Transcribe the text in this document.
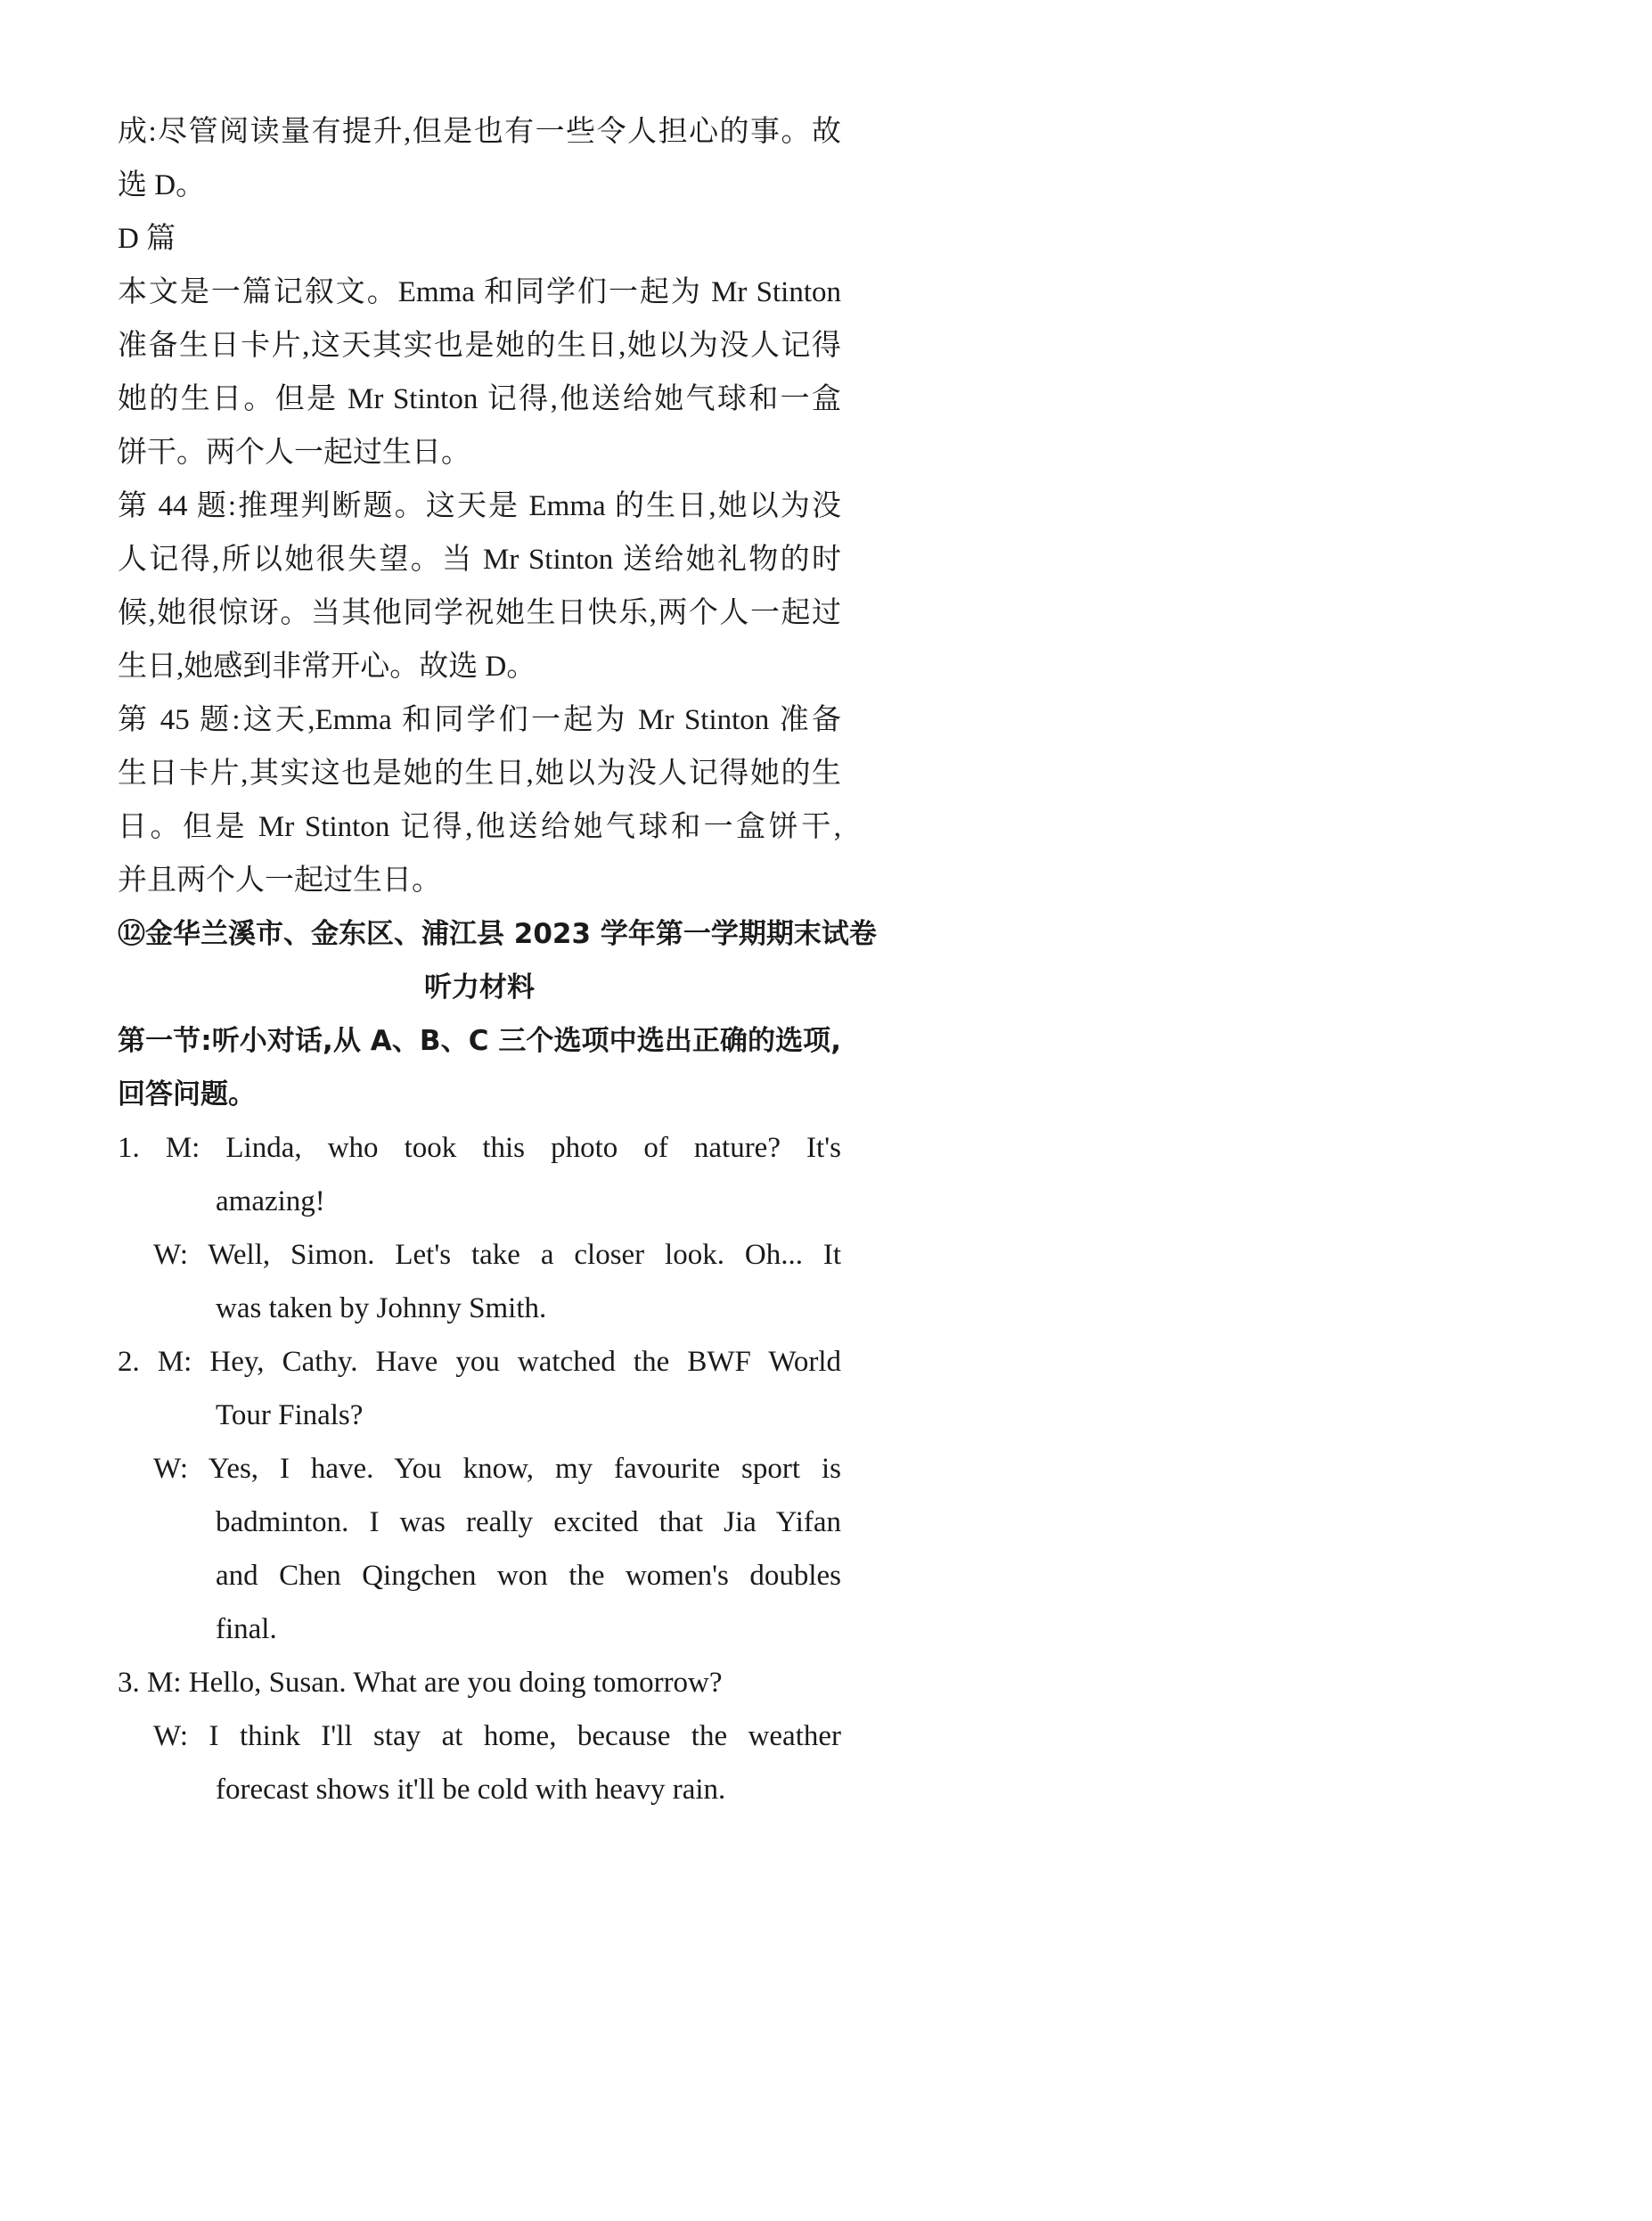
成:尽管阅读量有提升,但是也有一些令人担心的事。故
选 D。
D 篇
本文是一篇记叙文。Emma 和同学们一起为 Mr Stinton
准备生日卡片,这天其实也是她的生日,她以为没人记得
她的生日。但是 Mr Stinton 记得,他送给她气球和一盒
饼干。两个人一起过生日。
第 44 题:推理判断题。这天是 Emma 的生日,她以为没
人记得,所以她很失望。当 Mr Stinton 送给她礼物的时
候,她很惊讶。当其他同学祝她生日快乐,两个人一起过
生日,她感到非常开心。故选 D。
第 45 题:这天,Emma 和同学们一起为 Mr Stinton 准备
生日卡片,其实这也是她的生日,她以为没人记得她的生
日。但是 Mr Stinton 记得,他送给她气球和一盒饼干,
并且两个人一起过生日。
⑫金华兰溪市、金东区、浦江县 2023 学年第一学期期末试卷
听力材料
第一节:听小对话,从 A、B、C 三个选项中选出正确的选项,
回答问题。
1. M: Linda, who took this photo of nature? It's
amazing!
W: Well, Simon. Let's take a closer look. Oh... It
was taken by Johnny Smith.
2. M: Hey, Cathy. Have you watched the BWF World
Tour Finals?
W: Yes, I have. You know, my favourite sport is
badminton. I was really excited that Jia Yifan
and Chen Qingchen won the women's doubles
final.
3. M: Hello, Susan. What are you doing tomorrow?
W: I think I'll stay at home, because the weather
forecast shows it'll be cold with heavy rain.
